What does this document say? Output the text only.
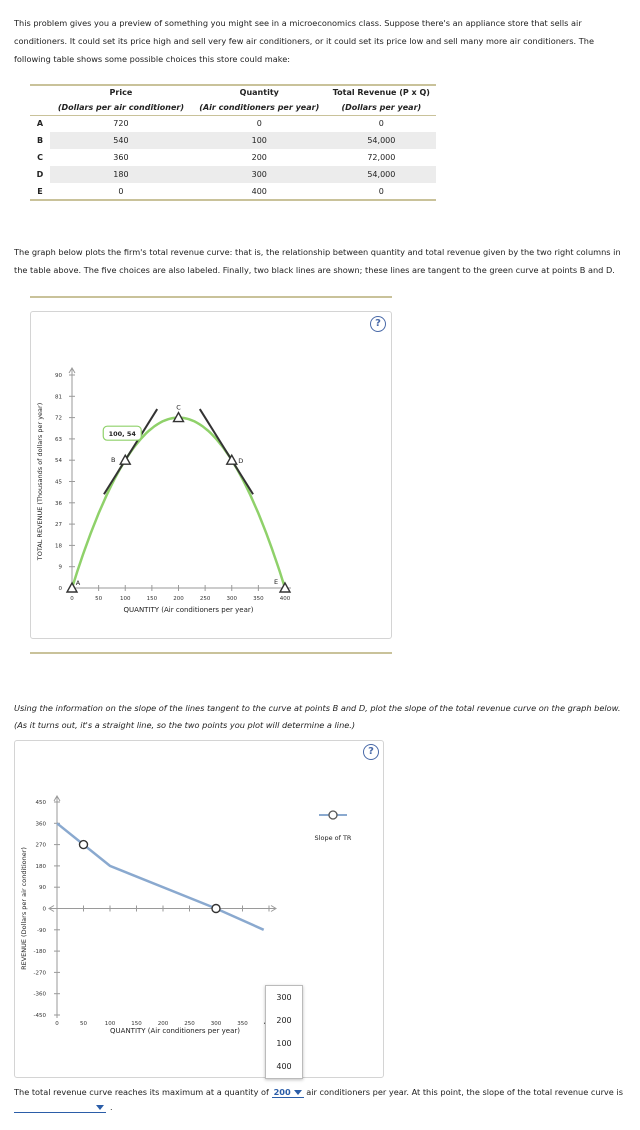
This problem gives you a preview of something you might see in a microeconomics class. Suppose there's an appliance store that sells air conditioners. It could set its price high and sell very few air conditioners, or it could set its price low and sell many more air conditioners. The following table shows some possible choices this store could make:
	Price	Quantity	Total Revenue (P x Q)
	(Dollars per air conditioner)	(Air conditioners per year)	(Dollars per year)
A	720	0	0
B	540	100	54,000
C	360	200	72,000
D	180	300	54,000
E	0	400	0
The graph below plots the firm's total revenue curve: that is, the relationship between quantity and total revenue given by the two right columns in the table above. The five choices are also labeled. Finally, two black lines are shown; these lines are tangent to the green curve at points B and D.
?
0
9
18
27
36
45
54
63
72
81
90
0	50	100	150	200	250	300	350	400
QUANTITY (Air conditioners per year)
TOTAL REVENUE (Thousands of dollars per year)
A
B
C
D
E
100, 54
Using the information on the slope of the lines tangent to the curve at points B and D, plot the slope of the total revenue curve on the graph below. (As it turns out, it's a straight line, so the two points you plot will determine a line.)
?
450
360
270
180
90
0
-90
-180
-270
-360
-450
0	50	100	150	200	250	300	350
QUANTITY (Air conditioners per year)
REVENUE (Dollars per air conditioner)
Slope of TR
300
200
100
400
The total revenue curve reaches its maximum at a quantity of 200 air conditioners per year. At this point, the slope of the total revenue curve is
.
